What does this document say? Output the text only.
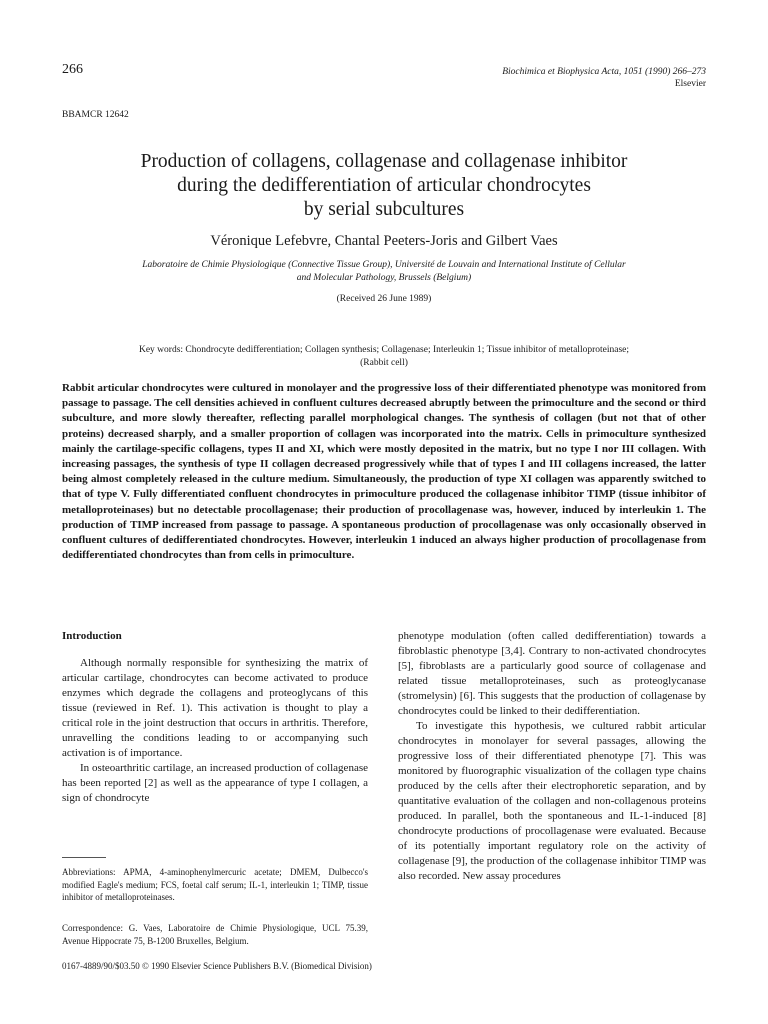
266	Biochimica et Biophysica Acta, 1051 (1990) 266–273
Elsevier
BBAMCR 12642
Production of collagens, collagenase and collagenase inhibitor
during the dedifferentiation of articular chondrocytes
by serial subcultures
Véronique Lefebvre, Chantal Peeters-Joris and Gilbert Vaes
Laboratoire de Chimie Physiologique (Connective Tissue Group), Université de Louvain and International Institute of Cellular
and Molecular Pathology, Brussels (Belgium)
(Received 26 June 1989)
Key words: Chondrocyte dedifferentiation; Collagen synthesis; Collagenase; Interleukin 1; Tissue inhibitor of metalloproteinase;
(Rabbit cell)
Rabbit articular chondrocytes were cultured in monolayer and the progressive loss of their differentiated phenotype was monitored from passage to passage. The cell densities achieved in confluent cultures decreased abruptly between the primoculture and the second or third subculture, and more slowly thereafter, reflecting parallel morphological changes. The synthesis of collagen (but not that of other proteins) decreased sharply, and a smaller proportion of collagen was incorporated into the matrix. Cells in primoculture synthesized mainly the cartilage-specific collagens, types II and XI, which were mostly deposited in the matrix, but no type I nor III collagen. With increasing passages, the synthesis of type II collagen decreased progressively while that of types I and III collagens increased, the latter being almost completely released in the culture medium. Simultaneously, the production of type XI collagen was apparently switched to that of type V. Fully differentiated confluent chondrocytes in primoculture produced the collagenase inhibitor TIMP (tissue inhibitor of metalloproteinases) but no detectable procollagenase; their production of procollagenase was, however, induced by interleukin 1. The production of TIMP increased from passage to passage. A spontaneous production of procollagenase was only occasionally observed in confluent cultures of dedifferentiated chondrocytes. However, interleukin 1 induced an always higher production of procollagenase from dedifferentiated chondrocytes than from cells in primoculture.
Introduction

Although normally responsible for synthesizing the matrix of articular cartilage, chondrocytes can become activated to produce enzymes which degrade the collagens and proteoglycans of this tissue (reviewed in Ref. 1). This activation is thought to play a critical role in the joint destruction that occurs in arthritis. Therefore, unravelling the conditions leading to or accompanying such activation is of importance.

In osteoarthritic cartilage, an increased production of collagenase has been reported [2] as well as the appearance of type I collagen, a sign of chondrocyte

phenotype modulation (often called dedifferentiation) towards a fibroblastic phenotype [3,4]. Contrary to non-activated chondrocytes [5], fibroblasts are a particularly good source of collagenase and related tissue metalloproteinases, such as proteoglycanase (stromelysin) [6]. This suggests that the production of collagenase by chondrocytes could be linked to their dedifferentiation.

To investigate this hypothesis, we cultured rabbit articular chondrocytes in monolayer for several passages, allowing the progressive loss of their differentiated phenotype [7]. This was monitored by fluorographic visualization of the collagen type chains produced by the cells after their electrophoretic separation, and by quantitative evaluation of the collagen and non-collagenous proteins produced. In parallel, both the spontaneous and IL-1-induced [8] chondrocyte productions of procollagenase were evaluated. Because of its potentially important regulatory role on the activity of collagenase [9], the production of the collagenase inhibitor TIMP was also recorded. New assay procedures

Abbreviations: APMA, 4-aminophenylmercuric acetate; DMEM, Dulbecco's modified Eagle's medium; FCS, foetal calf serum; IL-1, interleukin 1; TIMP, tissue inhibitor of metalloproteinases.
Correspondence: G. Vaes, Laboratoire de Chimie Physiologique, UCL 75.39, Avenue Hippocrate 75, B-1200 Bruxelles, Belgium.
0167-4889/90/$03.50 © 1990 Elsevier Science Publishers B.V. (Biomedical Division)
